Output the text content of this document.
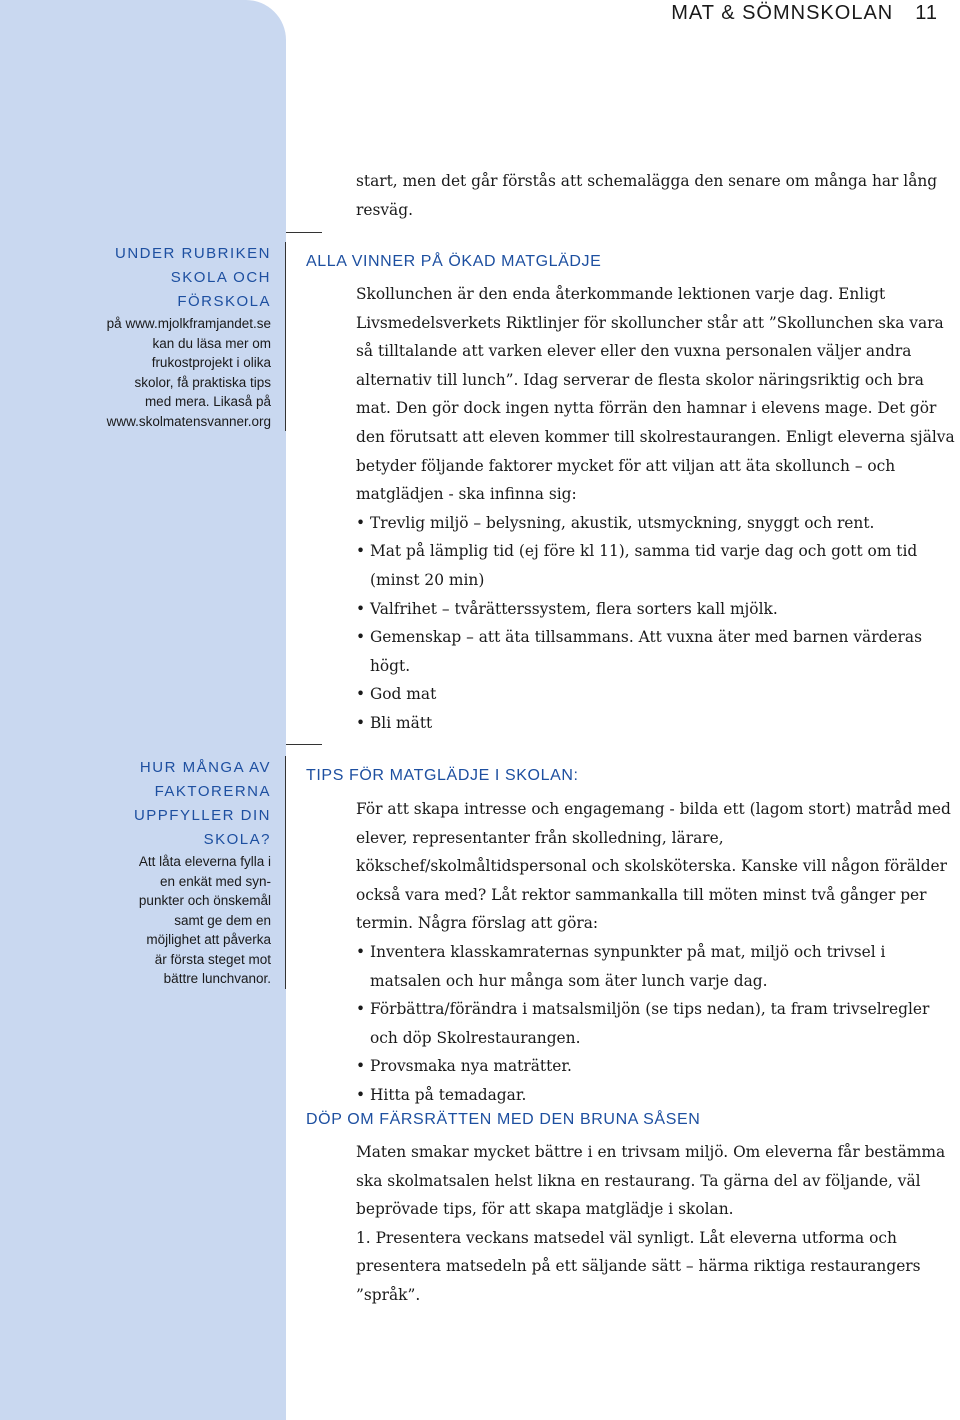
MAT & SÖMNSKOLAN 11
UNDER RUBRIKEN
SKOLA OCH
FÖRSKOLA
på www.mjolkframjandet.se
kan du läsa mer om
frukostprojekt i olika
skolor, få praktiska tips
med mera. Likaså på
www.skolmatensvanner.org
HUR MÅNGA AV
FAKTORERNA
UPPFYLLER DIN
SKOLA?
Att låta eleverna fylla i
en enkät med syn-
punkter och önskemål
samt ge dem en
möjlighet att påverka
är första steget mot
bättre lunchvanor.

start, men det går förstås att schemalägga den senare om många har lång resväg.

ALLA VINNER PÅ ÖKAD MATGLÄDJE

Skollunchen är den enda återkommande lektionen varje dag. Enligt Livsmedelsverkets Riktlinjer för skolluncher står att ”Skollunchen ska vara så tilltalande att varken elever eller den vuxna personalen väljer andra alternativ till lunch”. Idag serverar de flesta skolor näringsriktig och bra mat. Den gör dock ingen nytta förrän den hamnar i elevens mage. Det gör den förutsatt att eleven kommer till skolrestaurangen. Enligt eleverna själva betyder följande faktorer mycket för att viljan att äta skollunch – och matglädjen - ska infinna sig:

• Trevlig miljö – belysning, akustik, utsmyckning, snyggt och rent.
• Mat på lämplig tid (ej före kl 11), samma tid varje dag och gott om tid (minst 20 min)
• Valfrihet – tvårätterssystem, flera sorters kall mjölk.
• Gemenskap – att äta tillsammans. Att vuxna äter med barnen värderas högt.
• God mat
• Bli mätt
TIPS FÖR MATGLÄDJE I SKOLAN:

För att skapa intresse och engagemang - bilda ett (lagom stort) matråd med elever, representanter från skolledning, lärare, kökschef/skolmåltidspersonal och skolsköterska. Kanske vill någon förälder också vara med? Låt rektor sammankalla till möten minst två gånger per termin. Några förslag att göra:

• Inventera klasskamraternas synpunkter på mat, miljö och trivsel i matsalen och hur många som äter lunch varje dag.
• Förbättra/förändra i matsalsmiljön (se tips nedan), ta fram trivselregler och döp Skolrestaurangen.
• Provsmaka nya maträtter.
• Hitta på temadagar.
DÖP OM FÄRSRÄTTEN MED DEN BRUNA SÅSEN

Maten smakar mycket bättre i en trivsam miljö. Om eleverna får bestämma ska skolmatsalen helst likna en restaurang. Ta gärna del av följande, väl beprövade tips, för att skapa matglädje i skolan.

1. Presentera veckans matsedel väl synligt. Låt eleverna utforma och presentera matsedeln på ett säljande sätt – härma riktiga restaurangers ”språk”.
